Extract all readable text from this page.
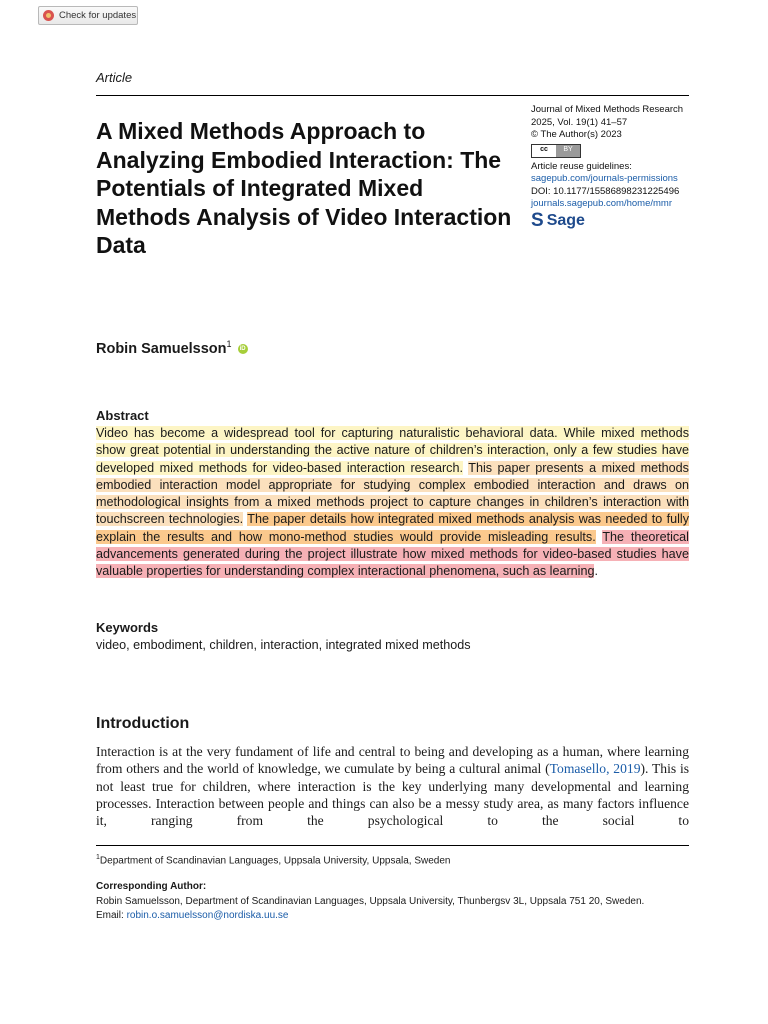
Check for updates
Article
A Mixed Methods Approach to Analyzing Embodied Interaction: The Potentials of Integrated Mixed Methods Analysis of Video Interaction Data
Journal of Mixed Methods Research
2025, Vol. 19(1) 41–57
© The Author(s) 2023
cc	BY
Article reuse guidelines:
sagepub.com/journals-permissions
DOI: 10.1177/15586898231225496
journals.sagepub.com/home/mmr
S Sage
Robin Samuelsson$^1$ iD
Abstract
Video has become a widespread tool for capturing naturalistic behavioral data. While mixed methods show great potential in understanding the active nature of children’s interaction, only a few studies have developed mixed methods for video-based interaction research. This paper presents a mixed methods embodied interaction model appropriate for studying complex embodied interaction and draws on methodological insights from a mixed methods project to capture changes in children’s interaction with touchscreen technologies. The paper details how integrated mixed methods analysis was needed to fully explain the results and how mono-method studies would provide misleading results. The theoretical advancements generated during the project illustrate how mixed methods for video-based studies have valuable properties for understanding complex interactional phenomena, such as learning.
Keywords
video, embodiment, children, interaction, integrated mixed methods
Introduction
Interaction is at the very fundament of life and central to being and developing as a human, where learning from others and the world of knowledge, we cumulate by being a cultural animal (Tomasello, 2019). This is not least true for children, where interaction is the key underlying many developmental and learning processes. Interaction between people and things can also be a messy study area, as many factors influence it, ranging from the psychological to the social to
$^1$Department of Scandinavian Languages, Uppsala University, Uppsala, Sweden
Corresponding Author:
Robin Samuelsson, Department of Scandinavian Languages, Uppsala University, Thunbergsv 3L, Uppsala 751 20, Sweden.
Email: robin.o.samuelsson@nordiska.uu.se
